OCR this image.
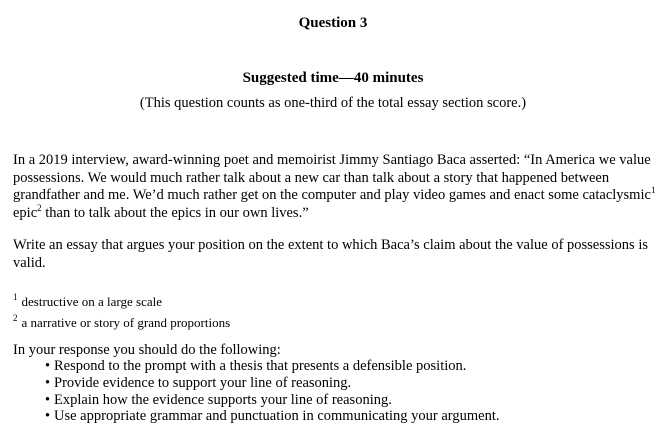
Question 3
Suggested time—40 minutes
(This question counts as one-third of the total essay section score.)
In a 2019 interview, award-winning poet and memoirist Jimmy Santiago Baca asserted: “In America we value possessions. We would much rather talk about a new car than talk about a story that happened between grandfather and me. We’d much rather get on the computer and play video games and enact some cataclysmic$^1$ epic$^2$ than to talk about the epics in our own lives.”
Write an essay that argues your position on the extent to which Baca’s claim about the value of possessions is valid.
$^1$ destructive on a large scale
$^2$ a narrative or story of grand proportions
In your response you should do the following:
• Respond to the prompt with a thesis that presents a defensible position.
• Provide evidence to support your line of reasoning.
• Explain how the evidence supports your line of reasoning.
• Use appropriate grammar and punctuation in communicating your argument.
